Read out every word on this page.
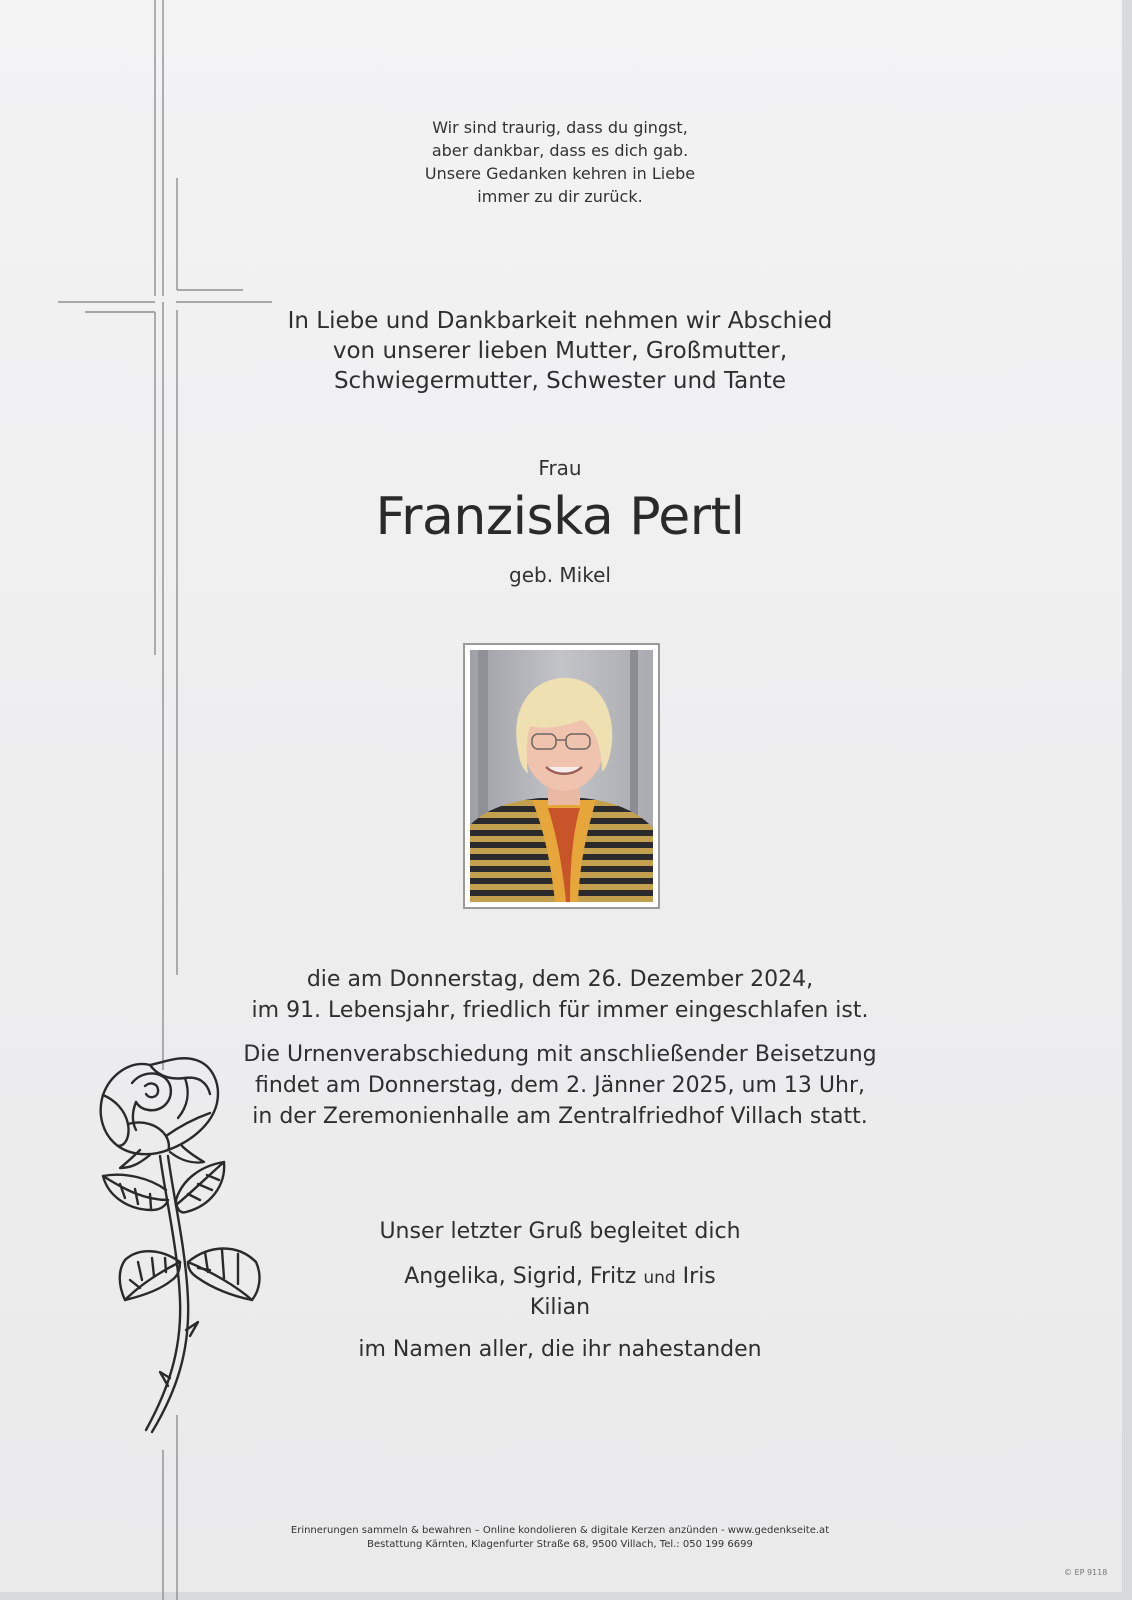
Wir sind traurig, dass du gingst,
aber dankbar, dass es dich gab.
Unsere Gedanken kehren in Liebe
immer zu dir zurück.
In Liebe und Dankbarkeit nehmen wir Abschied
von unserer lieben Mutter, Großmutter,
Schwiegermutter, Schwester und Tante
Frau
Franziska Pertl
geb. Mikel
die am Donnerstag, dem 26. Dezember 2024,
im 91. Lebensjahr, friedlich für immer eingeschlafen ist.
Die Urnenverabschiedung mit anschließender Beisetzung
findet am Donnerstag, dem 2. Jänner 2025, um 13 Uhr,
in der Zeremonienhalle am Zentralfriedhof Villach statt.
Unser letzter Gruß begleitet dich
Angelika, Sigrid, Fritz und Iris
Kilian
im Namen aller, die ihr nahestanden
Erinnerungen sammeln & bewahren – Online kondolieren & digitale Kerzen anzünden - www.gedenkseite.at
Bestattung Kärnten, Klagenfurter Straße 68, 9500 Villach, Tel.: 050 199 6699
© EP 9118
